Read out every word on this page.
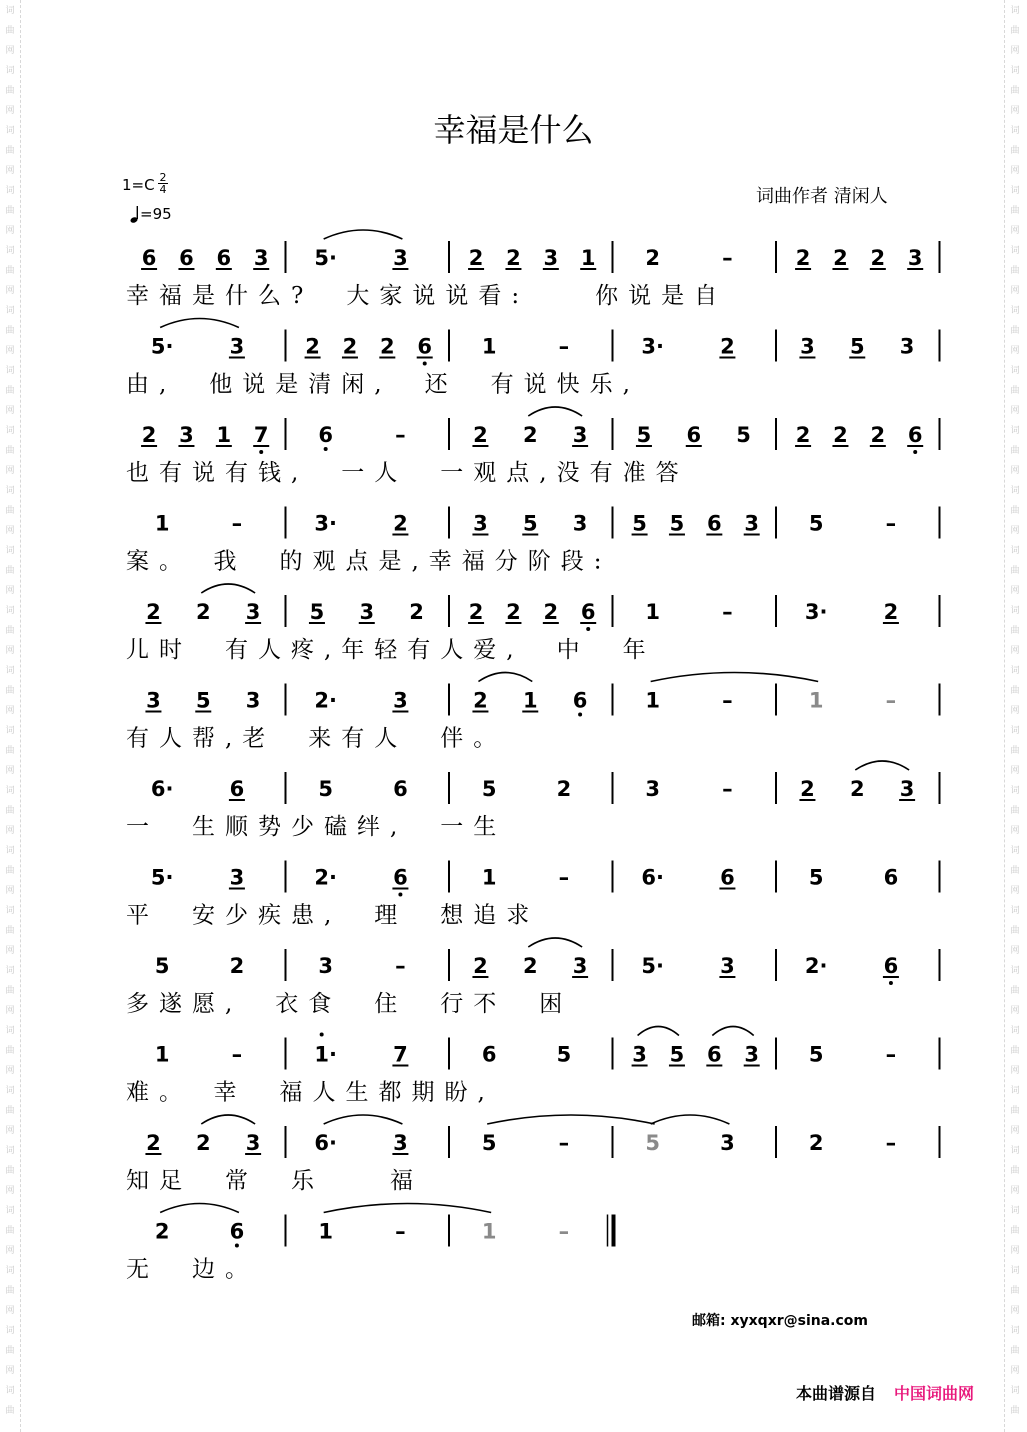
词
曲
网
词
曲
网
词
曲
网
词
曲
网
词
曲
网
词
曲
网
词
曲
网
词
曲
网
词
曲
网
词
曲
网
词
曲
网
词
曲
网
词
曲
网
词
曲
网
词
曲
网
词
曲
网
词
曲
网
词
曲
网
词
曲
网
词
曲
网
词
曲
网
词
曲
网
词
曲
网
词
曲
词
曲
网
词
曲
网
词
曲
网
词
曲
网
词
曲
网
词
曲
网
词
曲
网
词
曲
网
词
曲
网
词
曲
网
词
曲
网
词
曲
网
词
曲
网
词
曲
网
词
曲
网
词
曲
网
词
曲
网
词
曲
网
词
曲
网
词
曲
网
词
曲
网
词
曲
网
词
曲
网
词
曲
幸福是什么
1=C 2
4
=95
词曲作者 清闲人
6 6 6 3 5·	3	2 2 3 1 2	–	2 2 2 3
幸福是什么?　大家说说看:　　你说是自
5·	3	2 2 2 6 1	–	3·	2	3 5 3
由,　他说是清闲,　还　有说快乐,
2 3 1 7 6	–	2 2 3 5 6 5 2 2 2 6
也有说有钱,　一人　一观点,没有准答
1	–	3·	2	3 5 3 5 5 6 3 5	–
案。　我　的观点是,幸福分阶段:
2 2 3 5 3 2 2 2 2 6 1	–	3·	2
儿时　有人疼,年轻有人爱,　中　年
3 5 3	2·	3	2 1 6	1	–	1	–
有人帮,老　来有人　伴。
6·	6	5	6	5	2	3	–	2 2 3
一　生顺势少磕绊,　一生
5·	3	2·	6	1	–	6·	6	5	6
平　安少疾患,　理　想追求
5	2	3	–	2 2 3	5·	3	2·	6
多遂愿,　衣食　住　行不　困
1	–	1·	7	6	5	3 5 6 3 5	–
难。　幸　福人生都期盼,
2 2 3	6·	3	5	–	5	3	2	–
知足　常　乐　　福
2	6	1	–	1	–
无　边。
邮箱: xyxqxr@sina.com
本曲谱源自 中国词曲网
